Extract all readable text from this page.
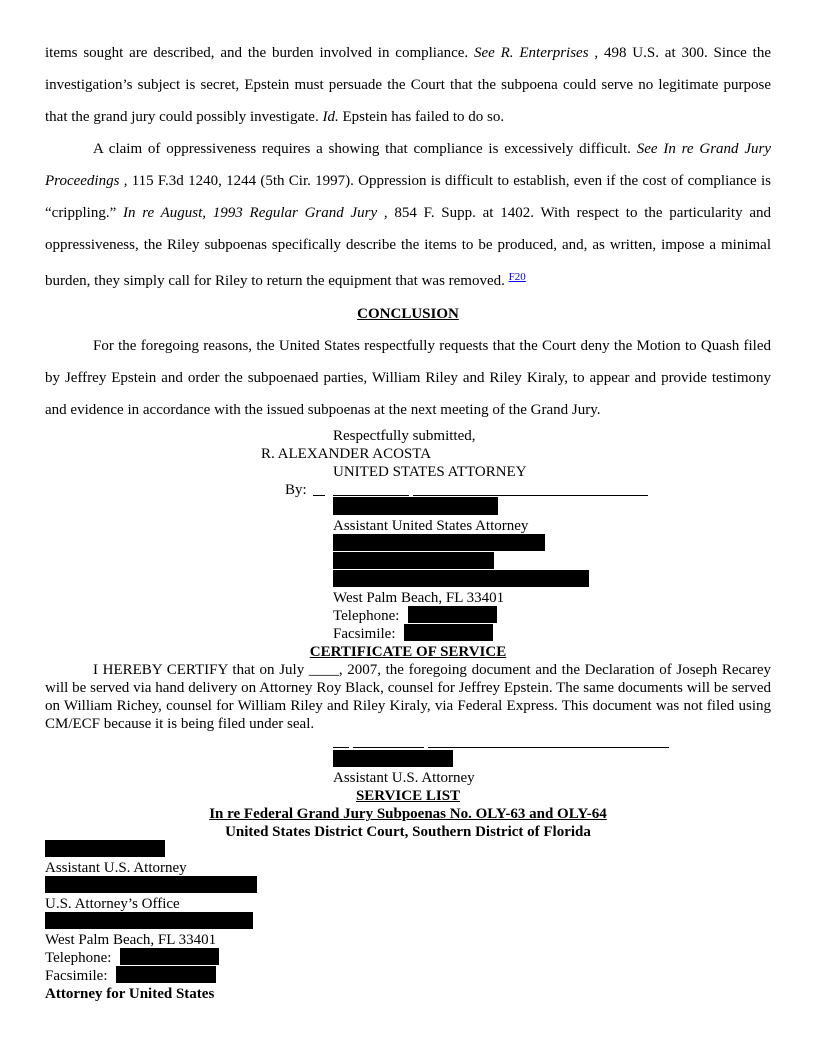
items sought are described, and the burden involved in compliance. See R. Enterprises , 498 U.S. at 300. Since the investigation’s subject is secret, Epstein must persuade the Court that the subpoena could serve no legitimate purpose that the grand jury could possibly investigate. Id. Epstein has failed to do so.

A claim of oppressiveness requires a showing that compliance is excessively difficult. See In re Grand Jury Proceedings , 115 F.3d 1240, 1244 (5th Cir. 1997). Oppression is difficult to establish, even if the cost of compliance is “crippling.” In re August, 1993 Regular Grand Jury , 854 F. Supp. at 1402. With respect to the particularity and oppressiveness, the Riley subpoenas specifically describe the items to be produced, and, as written, impose a minimal burden, they simply call for Riley to return the equipment that was removed. $^{F20}$

CONCLUSION

For the foregoing reasons, the United States respectfully requests that the Court deny the Motion to Quash filed by Jeffrey Epstein and order the subpoenaed parties, William Riley and Riley Kiraly, to appear and provide testimony and evidence in accordance with the issued subpoenas at the next meeting of the Grand Jury.

Respectfully submitted,

R. ALEXANDER ACOSTA

UNITED STATES ATTORNEY

By:

Assistant United States Attorney

West Palm Beach, FL 33401

Telephone:

Facsimile:

CERTIFICATE OF SERVICE

I HEREBY CERTIFY that on July ____, 2007, the foregoing document and the Declaration of Joseph Recarey will be served via hand delivery on Attorney Roy Black, counsel for Jeffrey Epstein. The same documents will be served on William Richey, counsel for William Riley and Riley Kiraly, via Federal Express. This document was not filed using CM/ECF because it is being filed under seal.

Assistant U.S. Attorney

SERVICE LIST

In re Federal Grand Jury Subpoenas No. OLY-63 and OLY-64

United States District Court, Southern District of Florida

Assistant U.S. Attorney

U.S. Attorney’s Office

West Palm Beach, FL 33401

Telephone:

Facsimile:

Attorney for United States
